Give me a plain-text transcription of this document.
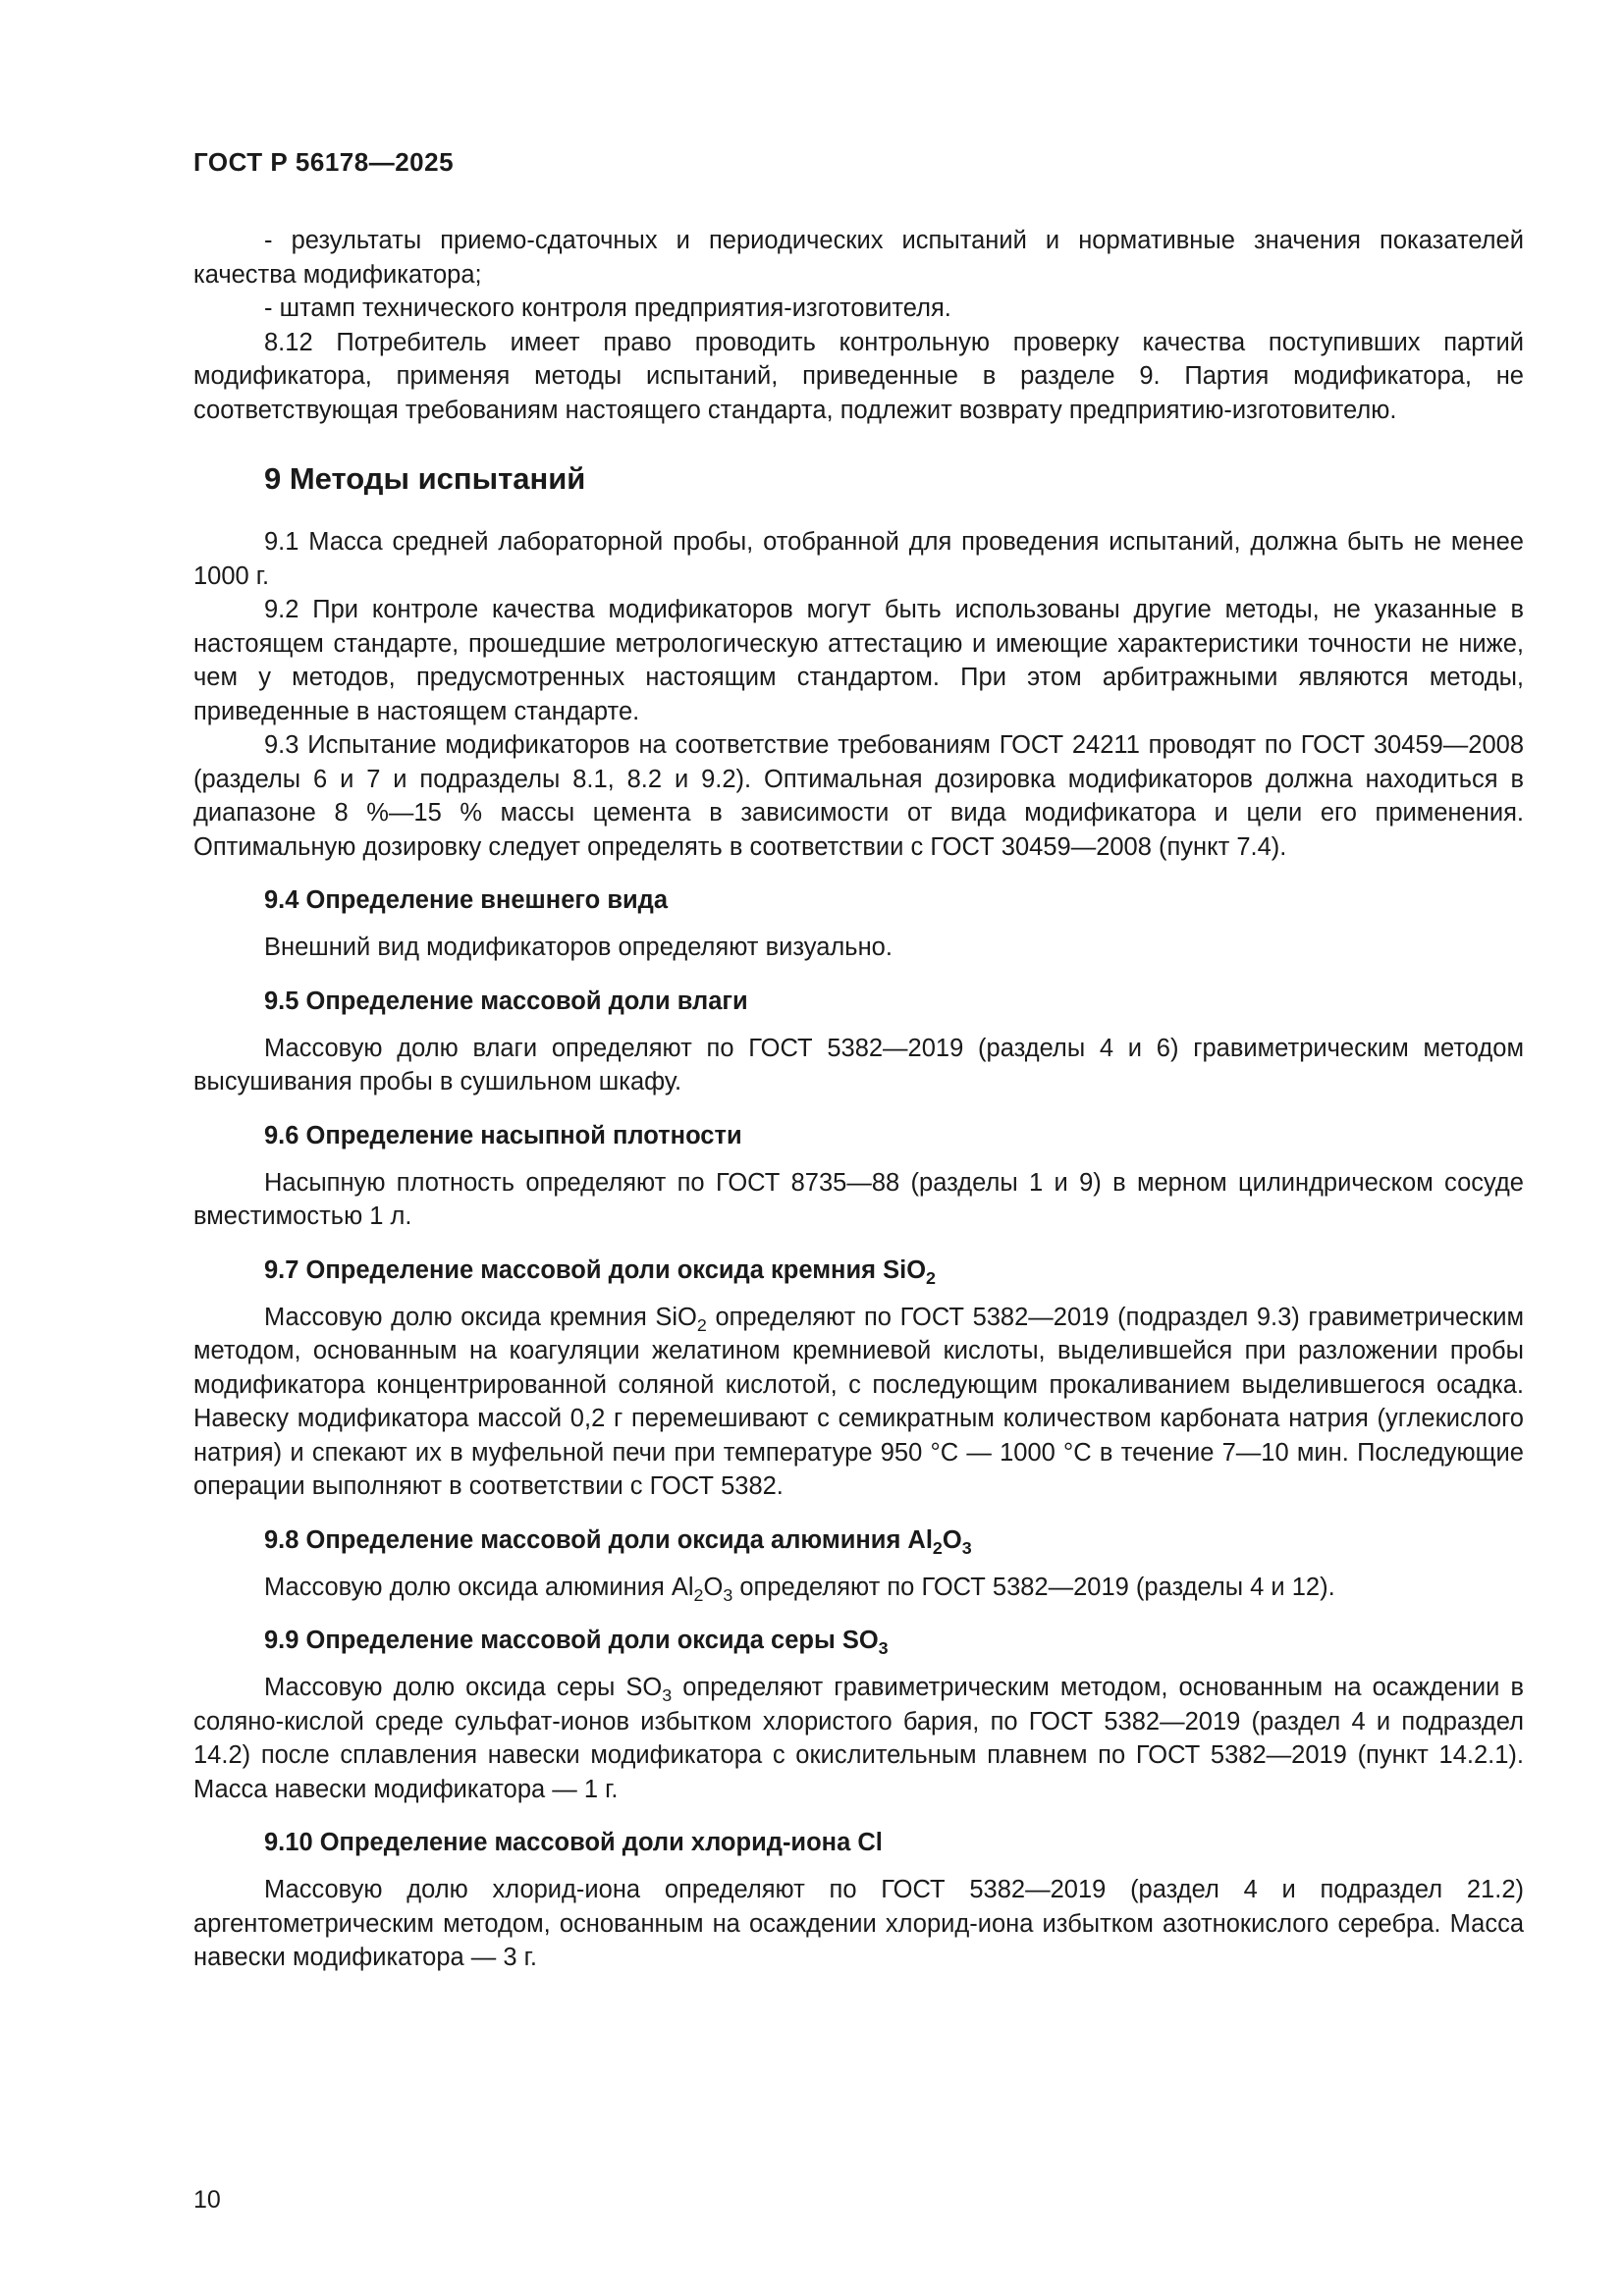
ГОСТ Р 56178—2025

- результаты приемо-сдаточных и периодических испытаний и нормативные значения показателей качества модификатора;

- штамп технического контроля предприятия-изготовителя.

8.12 Потребитель имеет право проводить контрольную проверку качества поступивших партий модификатора, применяя методы испытаний, приведенные в разделе 9. Партия модификатора, не соответствующая требованиям настоящего стандарта, подлежит возврату предприятию-изготовителю.

9 Методы испытаний

9.1 Масса средней лабораторной пробы, отобранной для проведения испытаний, должна быть не менее 1000 г.

9.2 При контроле качества модификаторов могут быть использованы другие методы, не указанные в настоящем стандарте, прошедшие метрологическую аттестацию и имеющие характеристики точности не ниже, чем у методов, предусмотренных настоящим стандартом. При этом арбитражными являются методы, приведенные в настоящем стандарте.

9.3 Испытание модификаторов на соответствие требованиям ГОСТ 24211 проводят по ГОСТ 30459—2008 (разделы 6 и 7 и подразделы 8.1, 8.2 и 9.2). Оптимальная дозировка модификаторов должна находиться в диапазоне 8 %—15 % массы цемента в зависимости от вида модификатора и цели его применения. Оптимальную дозировку следует определять в соответствии с ГОСТ 30459—2008 (пункт 7.4).

9.4 Определение внешнего вида

Внешний вид модификаторов определяют визуально.

9.5 Определение массовой доли влаги

Массовую долю влаги определяют по ГОСТ 5382—2019 (разделы 4 и 6) гравиметрическим методом высушивания пробы в сушильном шкафу.

9.6 Определение насыпной плотности

Насыпную плотность определяют по ГОСТ 8735—88 (разделы 1 и 9) в мерном цилиндрическом сосуде вместимостью 1 л.

9.7 Определение массовой доли оксида кремния SiO$_2$

Массовую долю оксида кремния SiO$_2$ определяют по ГОСТ 5382—2019 (подраздел 9.3) гравиметрическим методом, основанным на коагуляции желатином кремниевой кислоты, выделившейся при разложении пробы модификатора концентрированной соляной кислотой, с последующим прокаливанием выделившегося осадка. Навеску модификатора массой 0,2 г перемешивают с семикратным количеством карбоната натрия (углекислого натрия) и спекают их в муфельной печи при температуре 950 °С — 1000 °С в течение 7—10 мин. Последующие операции выполняют в соответствии с ГОСТ 5382.

9.8 Определение массовой доли оксида алюминия $Al_2O_3$

Массовую долю оксида алюминия $Al_2O_3$ определяют по ГОСТ 5382—2019 (разделы 4 и 12).

9.9 Определение массовой доли оксида серы $SO_3$

Массовую долю оксида серы $SO_3$ определяют гравиметрическим методом, основанным на осаждении в соляно-кислой среде сульфат-ионов избытком хлористого бария, по ГОСТ 5382—2019 (раздел 4 и подраздел 14.2) после сплавления навески модификатора с окислительным плавнем по ГОСТ 5382—2019 (пункт 14.2.1). Масса навески модификатора — 1 г.

9.10 Определение массовой доли хлорид-иона Cl

Массовую долю хлорид-иона определяют по ГОСТ 5382—2019 (раздел 4 и подраздел 21.2) аргентометрическим методом, основанным на осаждении хлорид-иона избытком азотнокислого серебра. Масса навески модификатора — 3 г.

10
